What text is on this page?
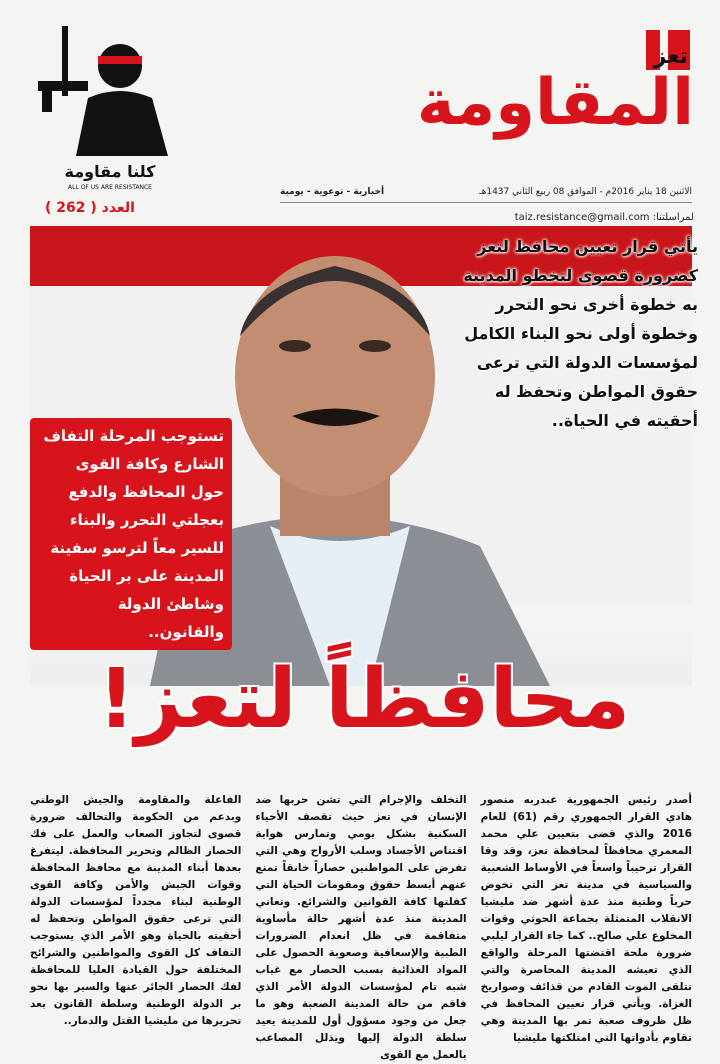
كلنا مقاومة
ALL OF US ARE RESISTANCE
العدد ( 262 )
تعز
المقاومة
الاثنين 18 يناير 2016م - الموافق 08 ربيع الثاني 1437هـ
أخبارية - توعوية - يومية
لمراسلتنا: taiz.resistance@gmail.com
يأتي قرار تعيين محافظ لتعز كضرورة قصوى لتخطو المدينة به خطوة أخرى نحو التحرر وخطوة أولى نحو البناء الكامل لمؤسسات الدولة التي ترعى حقوق المواطن وتحفظ له أحقيته في الحياة..
تستوجب المرحلة التفاف الشارع وكافة القوى حول المحافظ والدفع بعجلتي التحرر والبناء للسير معاً لترسو سفينة المدينة على بر الحياة وشاطئ الدولة والقانون..
محافظاً لتعز!
أصدر رئيس الجمهورية عبدربه منصور هادي القرار الجمهوري رقم (61) للعام 2016 والذي قضى بتعيين علي محمد المعمري محافظاً لمحافظة تعز، وقد وقا القرار ترحيباً واسعاً في الأوساط الشعبية والسياسية في مدينة تعز التي تخوض حرباً وطنية منذ عدة أشهر ضد مليشيا الانقلاب المتمثلة بجماعة الحوثي وقوات المخلوع علي صالح.. كما جاء القرار ليلبي ضرورة ملحة اقتضتها المرحلة والواقع الذي تعيشه المدينة المحاصرة والتي تتلقى الموت القادم من قذائف وصواريخ الغزاة. ويأتي قرار تعيين المحافظ في ظل ظروف صعبة تمر بها المدينة وهي تقاوم بأدواتها التي امتلكتها مليشيا
التخلف والإجرام التي تشن حربها ضد الإنسان في تعز حيث تقصف الأحياء السكنية بشكل يومي وتمارس هواية اقتناص الأجساد وسلب الأرواح وهي التي تفرض على المواطنين حصاراً خانقاً تمنع عنهم أبسط حقوق ومقومات الحياة التي كفلتها كافة القوانين والشرائع. وتعاني المدينة منذ عدة أشهر حالة مأساوية متفاقمة في ظل انعدام الضرورات الطبية والإسعافية وصعوبة الحصول على المواد الغذائية بسبب الحصار مع غياب شبه تام لمؤسسات الدولة الأمر الذي فاقم من حالة المدينة الصعبة وهو ما جعل من وجود مسؤول أول للمدينة يعيد سلطة الدولة إليها ويذلل المصاعب بالعمل مع القوى
الفاعلة والمقاومة والجيش الوطني وبدعم من الحكومة والتحالف ضرورة قصوى لتجاوز الصعاب والعمل على فك الحصار الظالم وتحرير المحافظة. ليتفرغ بعدها أبناء المدينة مع محافظ المحافظة وقوات الجيش والأمن وكافة القوى الوطنية لبناء مجدداً لمؤسسات الدولة التي ترعى حقوق المواطن وتحفظ له أحقيته بالحياة وهو الأمر الذي يستوجب التفاف كل القوى والمواطنين والشرائح المختلفة حول القيادة العليا للمحافظة لفك الحصار الجائر عنها والسير بها نحو بر الدولة الوطنية وسلطة القانون بعد تحريرها من مليشيا القتل والدمار..
